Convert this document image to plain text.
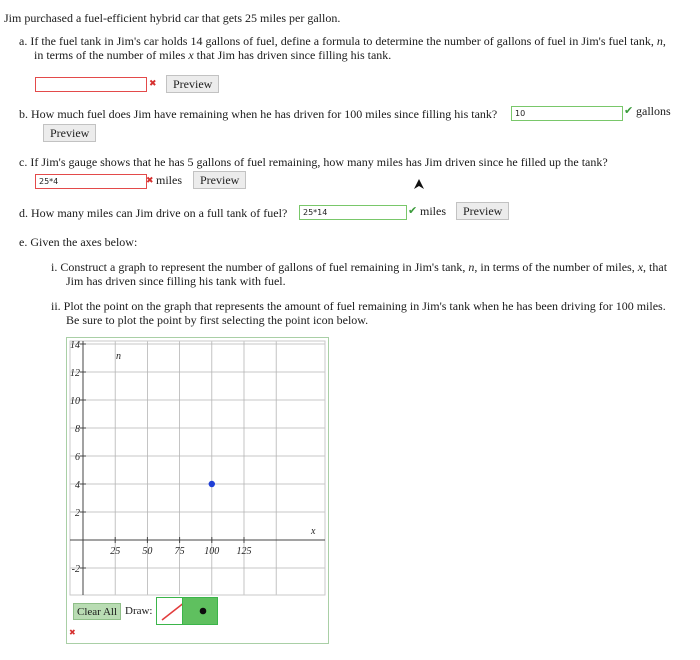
Jim purchased a fuel-efficient hybrid car that gets 25 miles per gallon.
a. If the fuel tank in Jim's car holds 14 gallons of fuel, define a formula to determine the number of gallons of fuel in Jim's fuel tank, n,
in terms of the number of miles x that Jim has driven since filling his tank.
✖	Preview
b. How much fuel does Jim have remaining when he has driven for 100 miles since filling his tank?	10	✔ gallons
Preview
c. If Jim's gauge shows that he has 5 gallons of fuel remaining, how many miles has Jim driven since he filled up the tank?
25*4	✖ miles	Preview
d. How many miles can Jim drive on a full tank of fuel?	25*14	✔ miles	Preview
e. Given the axes below:
i. Construct a graph to represent the number of gallons of fuel remaining in Jim's tank, n, in terms of the number of miles, x, that
Jim has driven since filling his tank with fuel.
ii. Plot the point on the graph that represents the amount of fuel remaining in Jim's tank when he has been driving for 100 miles.
Be sure to plot the point by first selecting the point icon below.
14
12
10
8
6
4
2
-2
25 50 75 100 125
n
x
Clear All Draw:
✖
